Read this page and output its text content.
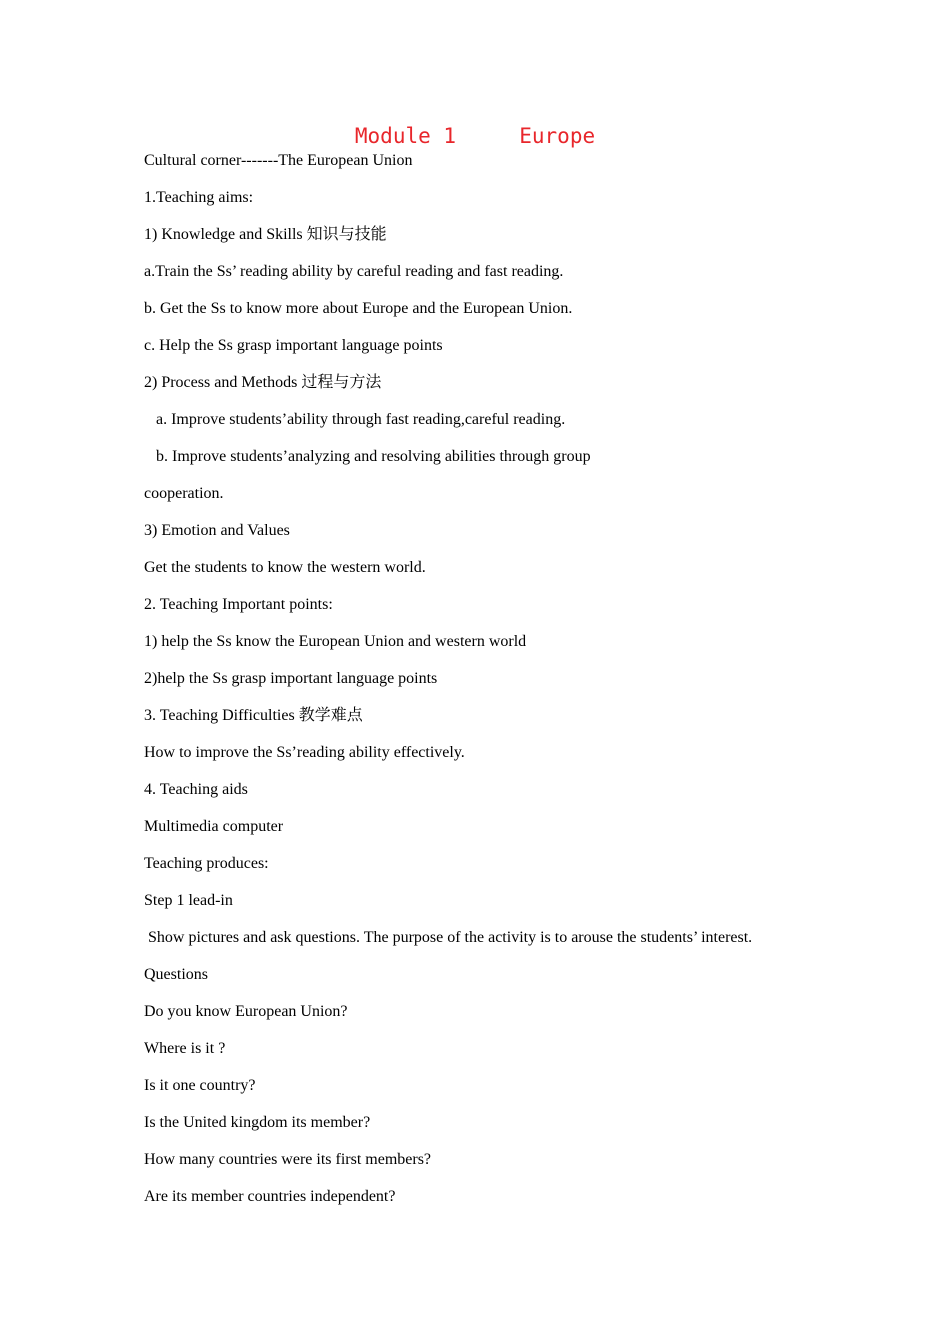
Module 1     Europe
Cultural corner-------The European Union
1.Teaching aims:
1) Knowledge and Skills 知识与技能
a.Train the Ss’ reading ability by careful reading and fast reading.
b. Get the Ss to know more about Europe and the European Union.
c. Help the Ss grasp important language points
2) Process and Methods 过程与方法
a. Improve students’ability through fast reading,careful reading.
b. Improve students’analyzing and resolving abilities through group
cooperation.
3) Emotion and Values
Get the students to know the western world.
2. Teaching Important points:
1) help the Ss know the European Union and western world
2)help the Ss grasp important language points
3. Teaching Difficulties 教学难点
How to improve the Ss’reading ability effectively.
4. Teaching aids
Multimedia computer
Teaching produces:
Step 1 lead-in
Show pictures and ask questions. The purpose of the activity is to arouse the students’ interest.
Questions
Do you know European Union?
Where is it ?
Is it one country?
Is the United kingdom its member?
How many countries were its first members?
Are its member countries independent?
